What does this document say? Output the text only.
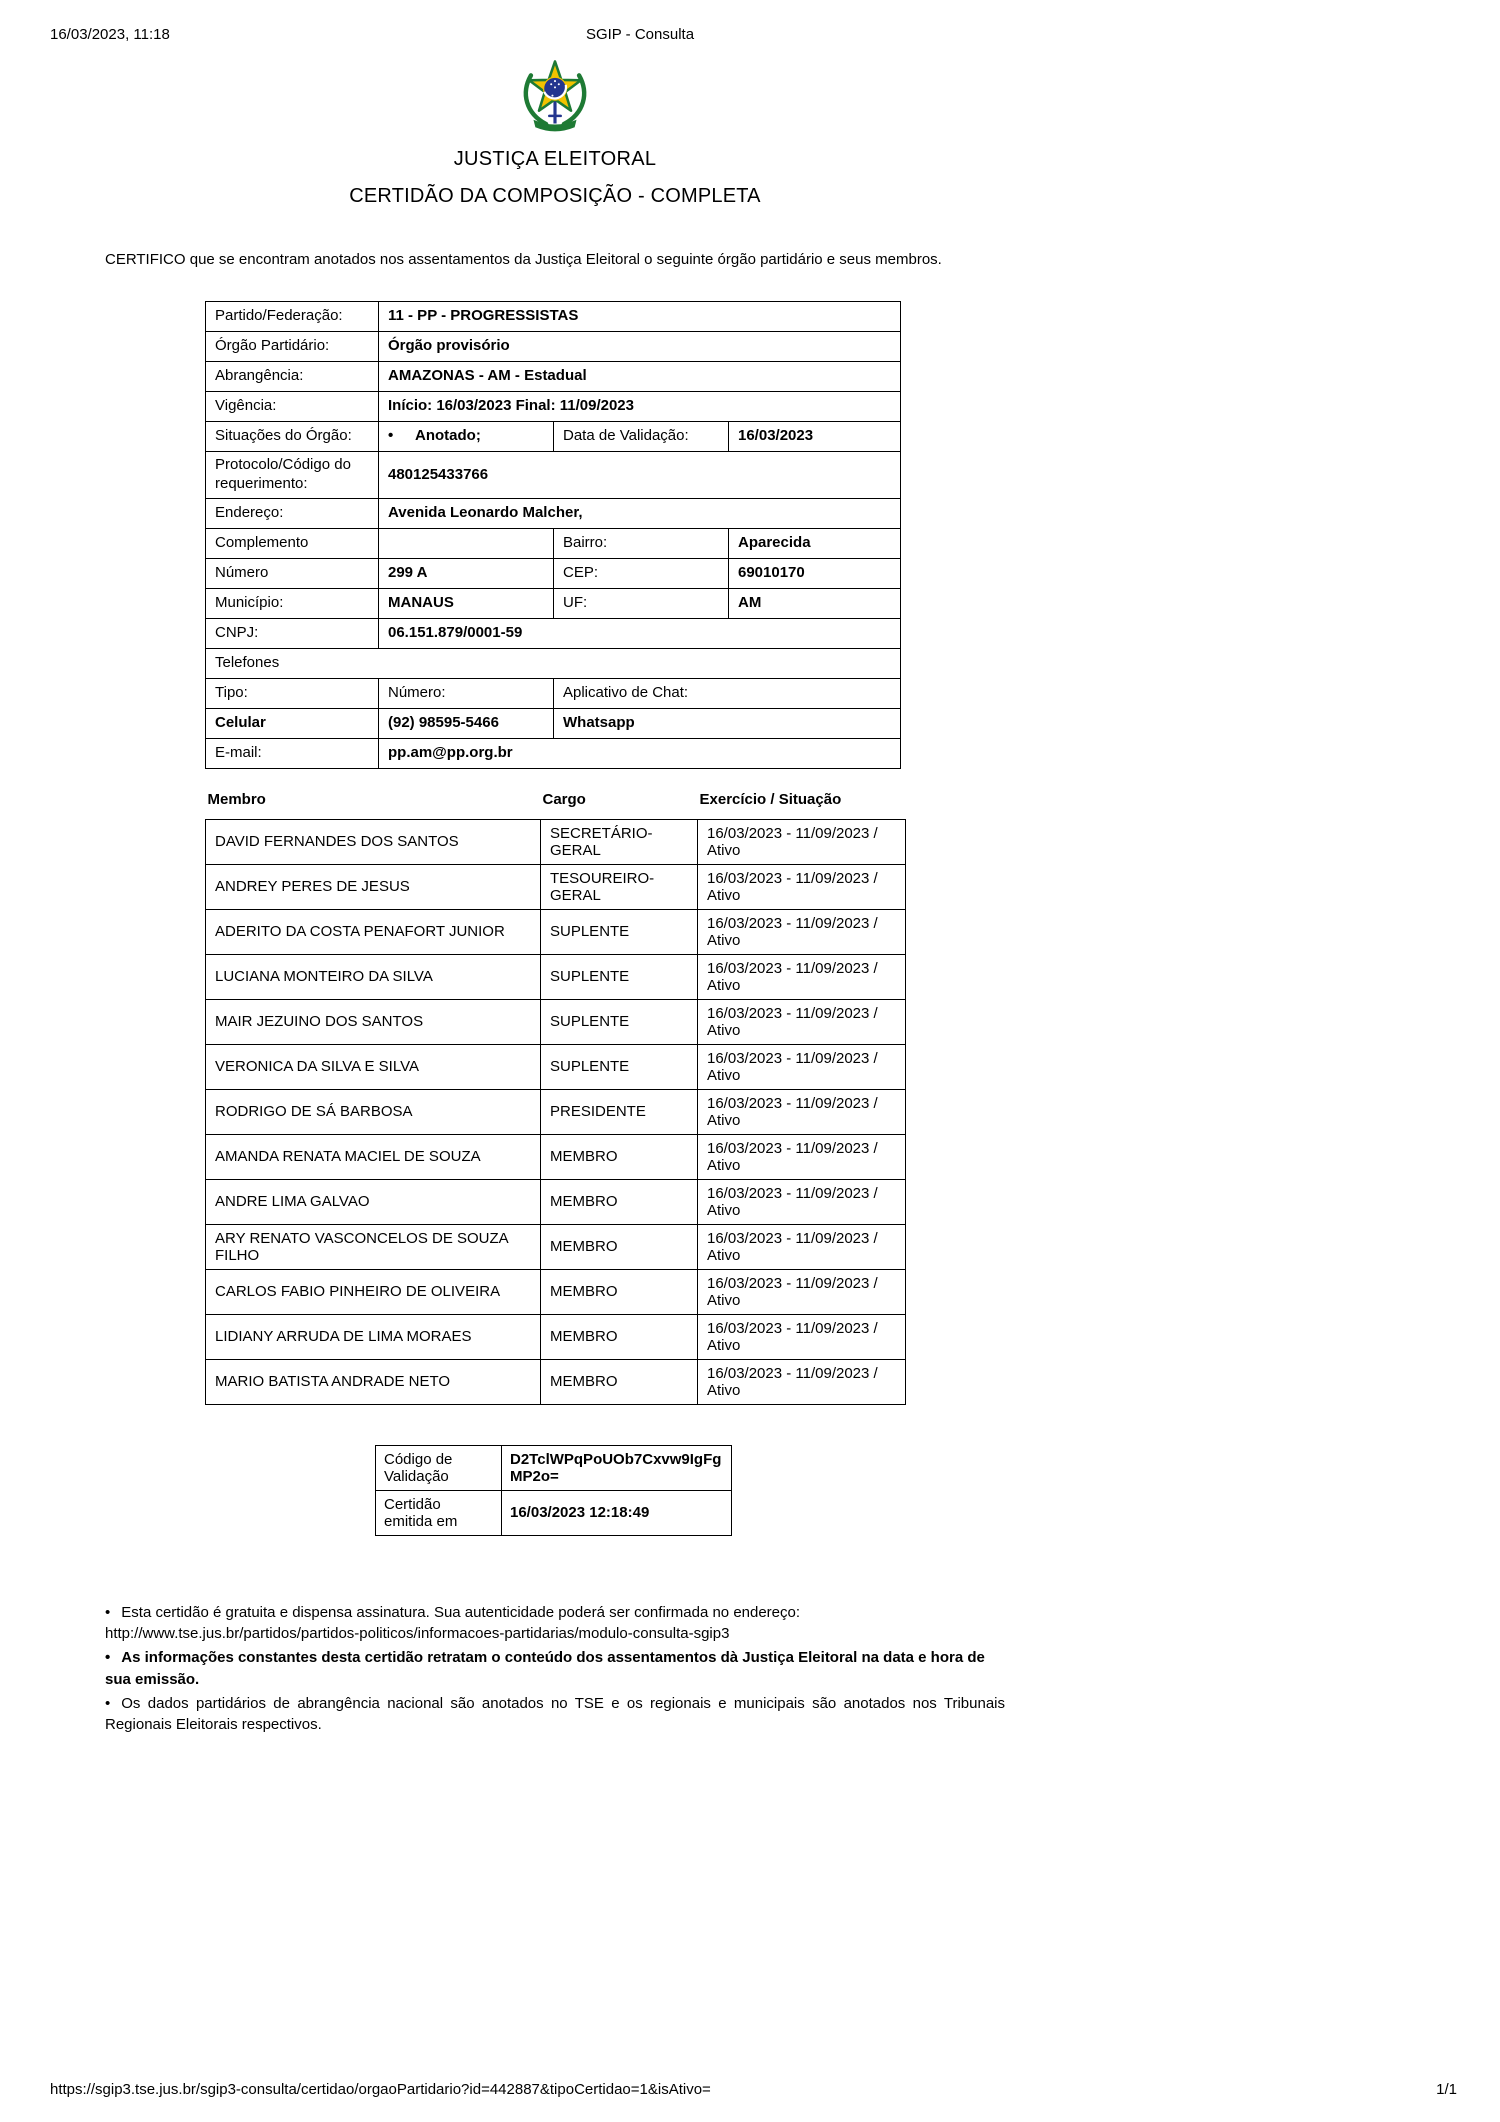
16/03/2023, 11:18	SGIP - Consulta
JUSTIÇA ELEITORAL
CERTIDÃO DA COMPOSIÇÃO - COMPLETA

CERTIFICO que se encontram anotados nos assentamentos da Justiça Eleitoral o seguinte órgão partidário e seus membros.

Partido/Federação:	11 - PP - PROGRESSISTAS		
Órgão Partidário:	Órgão provisório		
Abrangência:	AMAZONAS - AM - Estadual		
Vigência:	Início: 16/03/2023 Final: 11/09/2023		
Situações do Órgão:	• Anotado;	Data de Validação:	16/03/2023
Protocolo/Código do requerimento:	480125433766		
Endereço:	Avenida Leonardo Malcher,		
Complemento		Bairro:	Aparecida
Número	299 A	CEP:	69010170
Município:	MANAUS	UF:	AM
CNPJ:	06.151.879/0001-59		
Telefones			
Tipo:	Número:	Aplicativo de Chat:	
Celular	(92) 98595-5466	Whatsapp	
E-mail:	pp.am@pp.org.br		
Membro	Cargo	Exercício / Situação
DAVID FERNANDES DOS SANTOS	SECRETÁRIO-GERAL	16/03/2023 - 11/09/2023 / Ativo
ANDREY PERES DE JESUS	TESOUREIRO-GERAL	16/03/2023 - 11/09/2023 / Ativo
ADERITO DA COSTA PENAFORT JUNIOR	SUPLENTE	16/03/2023 - 11/09/2023 / Ativo
LUCIANA MONTEIRO DA SILVA	SUPLENTE	16/03/2023 - 11/09/2023 / Ativo
MAIR JEZUINO DOS SANTOS	SUPLENTE	16/03/2023 - 11/09/2023 / Ativo
VERONICA DA SILVA E SILVA	SUPLENTE	16/03/2023 - 11/09/2023 / Ativo
RODRIGO DE SÁ BARBOSA	PRESIDENTE	16/03/2023 - 11/09/2023 / Ativo
AMANDA RENATA MACIEL DE SOUZA	MEMBRO	16/03/2023 - 11/09/2023 / Ativo
ANDRE LIMA GALVAO	MEMBRO	16/03/2023 - 11/09/2023 / Ativo
ARY RENATO VASCONCELOS DE SOUZA FILHO	MEMBRO	16/03/2023 - 11/09/2023 / Ativo
CARLOS FABIO PINHEIRO DE OLIVEIRA	MEMBRO	16/03/2023 - 11/09/2023 / Ativo
LIDIANY ARRUDA DE LIMA MORAES	MEMBRO	16/03/2023 - 11/09/2023 / Ativo
MARIO BATISTA ANDRADE NETO	MEMBRO	16/03/2023 - 11/09/2023 / Ativo
Código de Validação	D2TclWPqPoUOb7Cxvw9IgFgMP2o=
Certidão emitida em	16/03/2023 12:18:49
• Esta certidão é gratuita e dispensa assinatura. Sua autenticidade poderá ser confirmada no endereço: http://www.tse.jus.br/partidos/partidos-politicos/informacoes-partidarias/modulo-consulta-sgip3
• As informações constantes desta certidão retratam o conteúdo dos assentamentos dà Justiça Eleitoral na data e hora de sua emissão.
• Os dados partidários de abrangência nacional são anotados no TSE e os regionais e municipais são anotados nos Tribunais Regionais Eleitorais respectivos.
https://sgip3.tse.jus.br/sgip3-consulta/certidao/orgaoPartidario?id=442887&tipoCertidao=1&isAtivo=	1/1
